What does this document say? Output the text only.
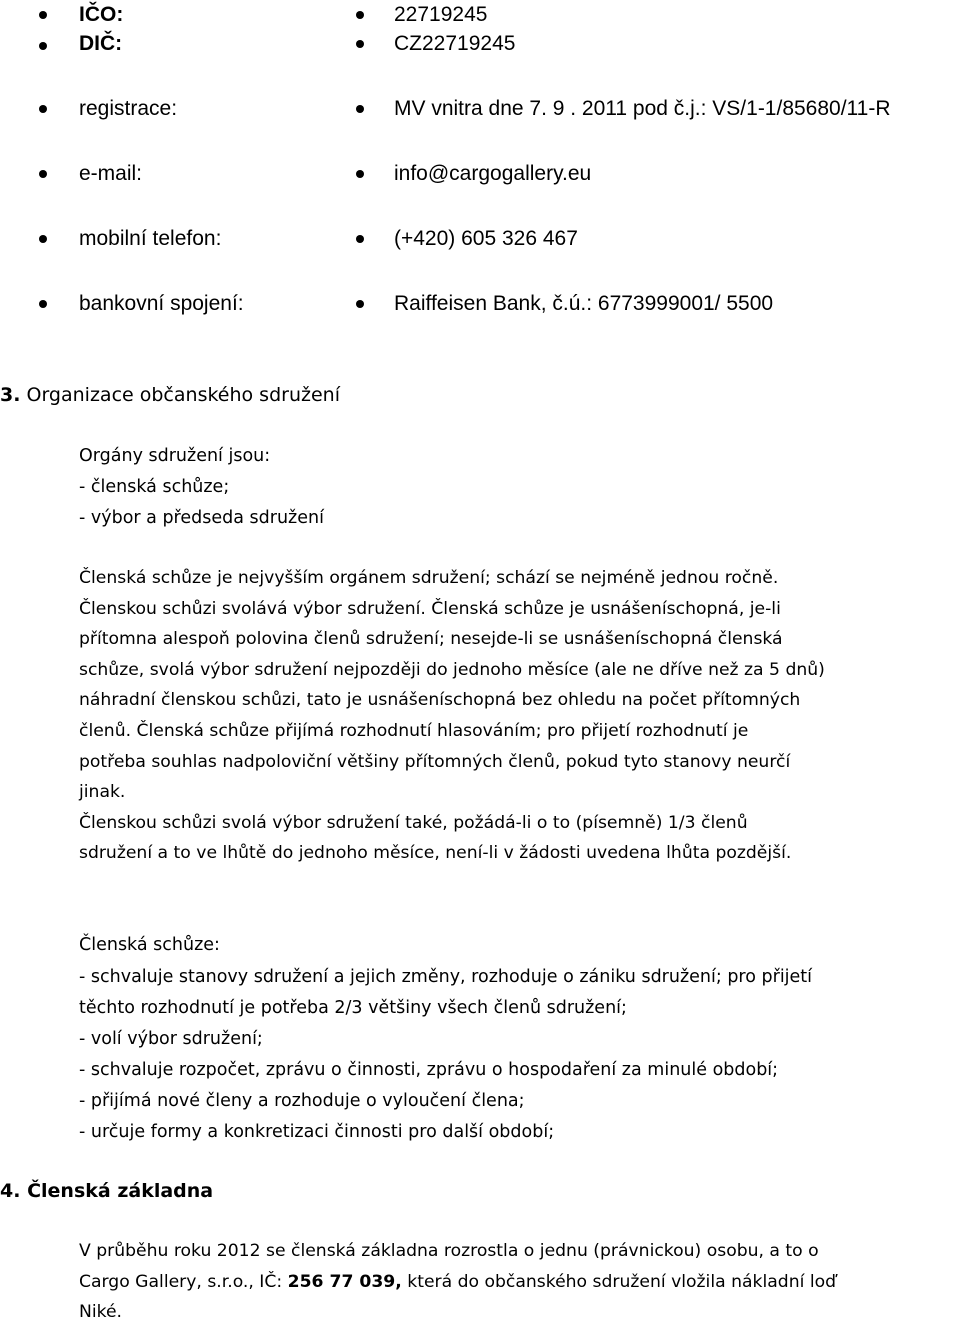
IČO:	22719245
DIČ:	CZ22719245
registrace:	MV vnitra dne 7. 9 . 2011 pod č.j.: VS/1-1/85680/11-R
e-mail:	info@cargogallery.eu
mobilní telefon:	(+420) 605 326 467
bankovní spojení:	Raiffeisen Bank, č.ú.: 6773999001/ 5500
3. Organizace občanského sdružení
Orgány sdružení jsou:
- členská schůze;
- výbor a předseda sdružení
Členská schůze je nejvyšším orgánem sdružení; schází se nejméně jednou ročně.
Členskou schůzi svolává výbor sdružení. Členská schůze je usnášeníschopná, je-li
přítomna alespoň polovina členů sdružení; nesejde-li se usnášeníschopná členská
schůze, svolá výbor sdružení nejpozději do jednoho měsíce (ale ne dříve než za 5 dnů)
náhradní členskou schůzi, tato je usnášeníschopná bez ohledu na počet přítomných
členů. Členská schůze přijímá rozhodnutí hlasováním; pro přijetí rozhodnutí je
potřeba souhlas nadpoloviční většiny přítomných členů, pokud tyto stanovy neurčí
jinak.
Členskou schůzi svolá výbor sdružení také, požádá-li o to (písemně) 1/3 členů
sdružení a to ve lhůtě do jednoho měsíce, není-li v žádosti uvedena lhůta pozdější.
Členská schůze:
- schvaluje stanovy sdružení a jejich změny, rozhoduje o zániku sdružení; pro přijetí
těchto rozhodnutí je potřeba 2/3 většiny všech členů sdružení;
- volí výbor sdružení;
- schvaluje rozpočet, zprávu o činnosti, zprávu o hospodaření za minulé období;
- přijímá nové členy a rozhoduje o vyloučení člena;
- určuje formy a konkretizaci činnosti pro další období;
4. Členská základna
V průběhu roku 2012 se členská základna rozrostla o jednu (právnickou) osobu, a to o
Cargo Gallery, s.r.o., IČ: 256 77 039, která do občanského sdružení vložila nákladní loď
Niké.
